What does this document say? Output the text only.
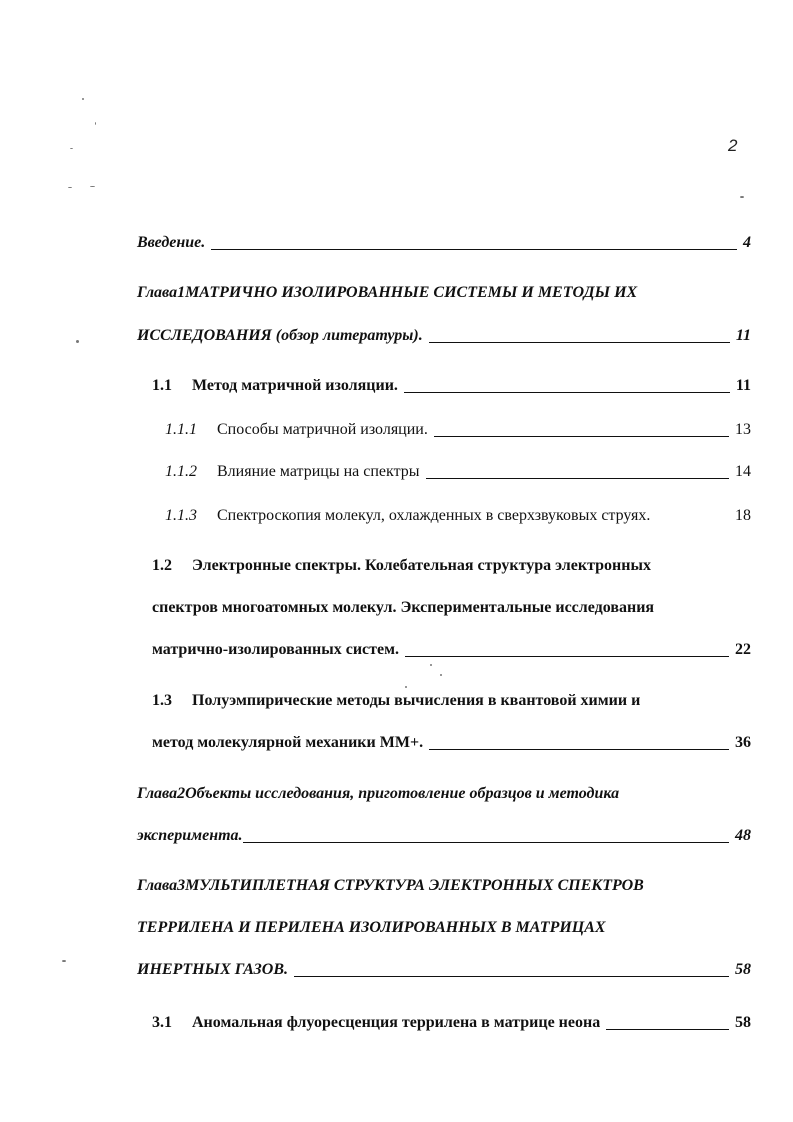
2
Введение.	4
Глава1МАТРИЧНО ИЗОЛИРОВАННЫЕ СИСТЕМЫ И МЕТОДЫ ИХ
ИССЛЕДОВАНИЯ (обзор литературы).	11
1.1 Метод матричной изоляции.	11
1.1.1 Способы матричной изоляции.	13
1.1.2 Влияние матрицы на спектры	14
1.1.3 Спектроскопия молекул, охлажденных в сверхзвуковых струях.	18
1.2 Электронные спектры. Колебательная структура электронных
спектров многоатомных молекул. Экспериментальные исследования
матрично-изолированных систем.	22
1.3 Полуэмпирические методы вычисления в квантовой химии и
метод молекулярной механики ММ+.	36
Глава2Объекты исследования, приготовление образцов и методика
эксперимента.	48
Глава3МУЛЬТИПЛЕТНАЯ СТРУКТУРА ЭЛЕКТРОННЫХ СПЕКТРОВ
ТЕРРИЛЕНА И ПЕРИЛЕНА ИЗОЛИРОВАННЫХ В МАТРИЦАХ
ИНЕРТНЫХ ГАЗОВ.	58
3.1 Аномальная флуоресценция террилена в матрице неона	58
